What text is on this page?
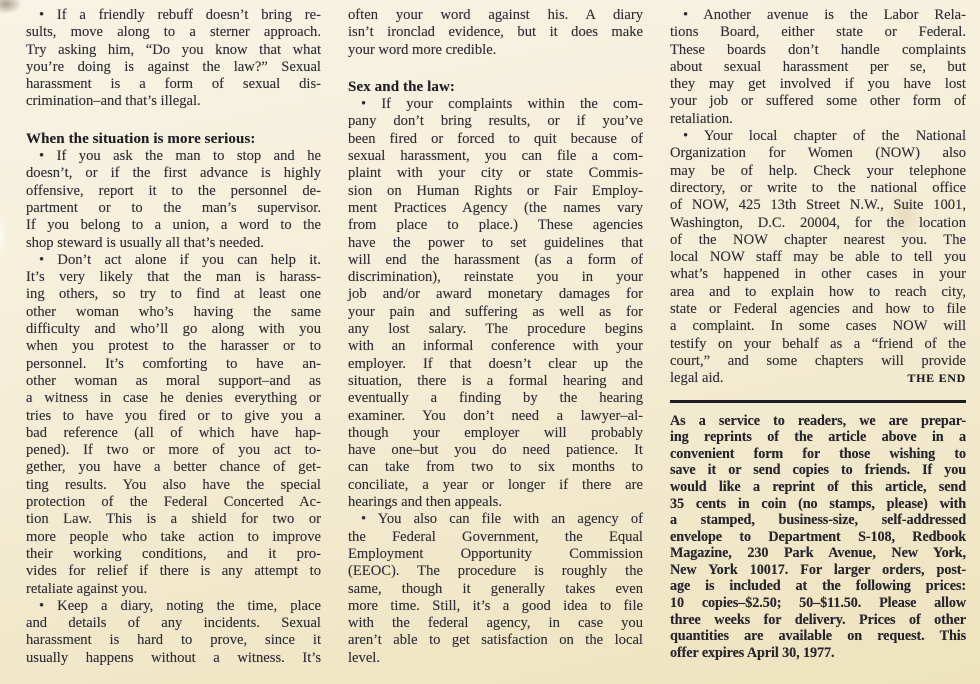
• If a friendly rebuff doesn’t bring re-
sults, move along to a sterner approach.
Try asking him, “Do you know that what
you’re doing is against the law?” Sexual
harassment is a form of sexual dis-
crimination–and that’s illegal.
When the situation is more serious:
• If you ask the man to stop and he
doesn’t, or if the first advance is highly
offensive, report it to the personnel de-
partment or to the man’s supervisor.
If you belong to a union, a word to the
shop steward is usually all that’s needed.
• Don’t act alone if you can help it.
It’s very likely that the man is harass-
ing others, so try to find at least one
other woman who’s having the same
difficulty and who’ll go along with you
when you protest to the harasser or to
personnel. It’s comforting to have an-
other woman as moral support–and as
a witness in case he denies everything or
tries to have you fired or to give you a
bad reference (all of which have hap-
pened). If two or more of you act to-
gether, you have a better chance of get-
ting results. You also have the special
protection of the Federal Concerted Ac-
tion Law. This is a shield for two or
more people who take action to improve
their working conditions, and it pro-
vides for relief if there is any attempt to
retaliate against you.
• Keep a diary, noting the time, place
and details of any incidents. Sexual
harassment is hard to prove, since it
usually happens without a witness. It’s
often your word against his. A diary
isn’t ironclad evidence, but it does make
your word more credible.
Sex and the law:
• If your complaints within the com-
pany don’t bring results, or if you’ve
been fired or forced to quit because of
sexual harassment, you can file a com-
plaint with your city or state Commis-
sion on Human Rights or Fair Employ-
ment Practices Agency (the names vary
from place to place.) These agencies
have the power to set guidelines that
will end the harassment (as a form of
discrimination), reinstate you in your
job and/or award monetary damages for
your pain and suffering as well as for
any lost salary. The procedure begins
with an informal conference with your
employer. If that doesn’t clear up the
situation, there is a formal hearing and
eventually a finding by the hearing
examiner. You don’t need a lawyer–al-
though your employer will probably
have one–but you do need patience. It
can take from two to six months to
conciliate, a year or longer if there are
hearings and then appeals.
• You also can file with an agency of
the Federal Government, the Equal
Employment Opportunity Commission
(EEOC). The procedure is roughly the
same, though it generally takes even
more time. Still, it’s a good idea to file
with the federal agency, in case you
aren’t able to get satisfaction on the local
level.
• Another avenue is the Labor Rela-
tions Board, either state or Federal.
These boards don’t handle complaints
about sexual harassment per se, but
they may get involved if you have lost
your job or suffered some other form of
retaliation.
• Your local chapter of the National
Organization for Women (NOW) also
may be of help. Check your telephone
directory, or write to the national office
of NOW, 425 13th Street N.W., Suite 1001,
Washington, D.C. 20004, for the location
of the NOW chapter nearest you. The
local NOW staff may be able to tell you
what’s happened in other cases in your
area and to explain how to reach city,
state or Federal agencies and how to file
a complaint. In some cases NOW will
testify on your behalf as a “friend of the
court,” and some chapters will provide
legal aid.	THE END
As a service to readers, we are prepar-
ing reprints of the article above in a
convenient form for those wishing to
save it or send copies to friends. If you
would like a reprint of this article, send
35 cents in coin (no stamps, please) with
a stamped, business-size, self-addressed
envelope to Department S-108, Redbook
Magazine, 230 Park Avenue, New York,
New York 10017. For larger orders, post-
age is included at the following prices:
10 copies–$2.50; 50–$11.50. Please allow
three weeks for delivery. Prices of other
quantities are available on request. This
offer expires April 30, 1977.
